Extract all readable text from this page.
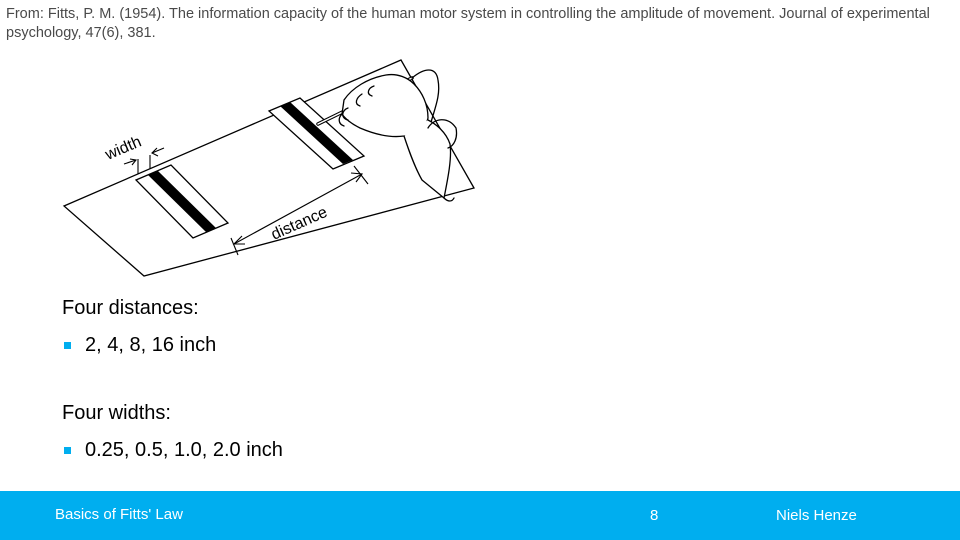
From: Fitts, P. M. (1954). The information capacity of the human motor system in controlling the amplitude of movement. Journal of experimental psychology, 47(6), 381.
width
distance

Four distances:

2, 4, 8, 16 inch

Four widths:

0.25, 0.5, 1.0, 2.0 inch
Basics of Fitts' Law	8	Niels Henze
